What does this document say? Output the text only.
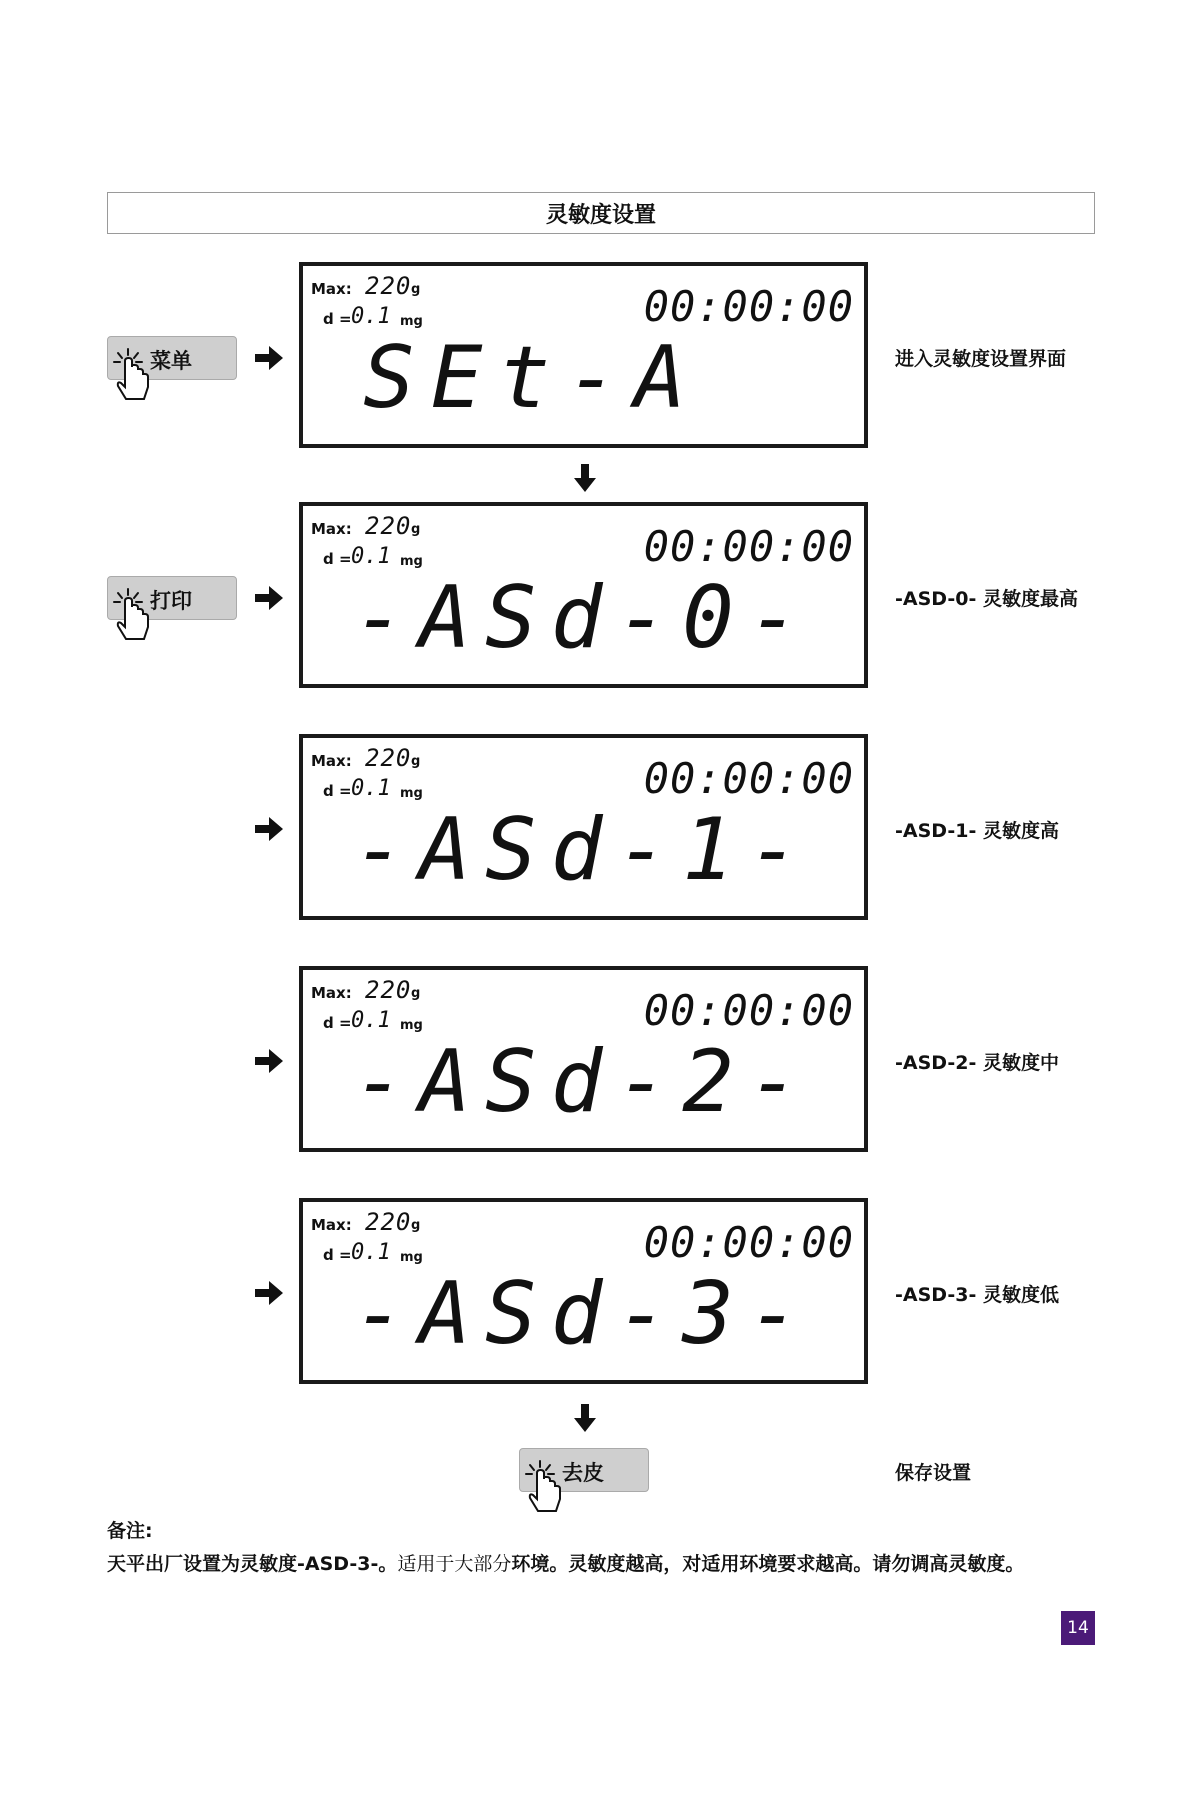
灵敏度设置
菜单
Max: 220 g
d = 0.1 mg	00:00:00
SEt-A	进入灵敏度设置界面
打印
Max: 220 g
d = 0.1 mg	00:00:00
-ASd-0-	-ASD-0- 灵敏度最高
Max: 220 g
d = 0.1 mg	00:00:00
-ASd-1-	-ASD-1- 灵敏度高
Max: 220 g
d = 0.1 mg	00:00:00
-ASd-2-	-ASD-2- 灵敏度中
Max: 220 g
d = 0.1 mg	00:00:00
-ASd-3-	-ASD-3- 灵敏度低
去皮	保存设置
备注:
天平出厂设置为灵敏度-ASD-3-。适用于大部分环境。灵敏度越高，对适用环境要求越高。请勿调高灵敏度。
14
